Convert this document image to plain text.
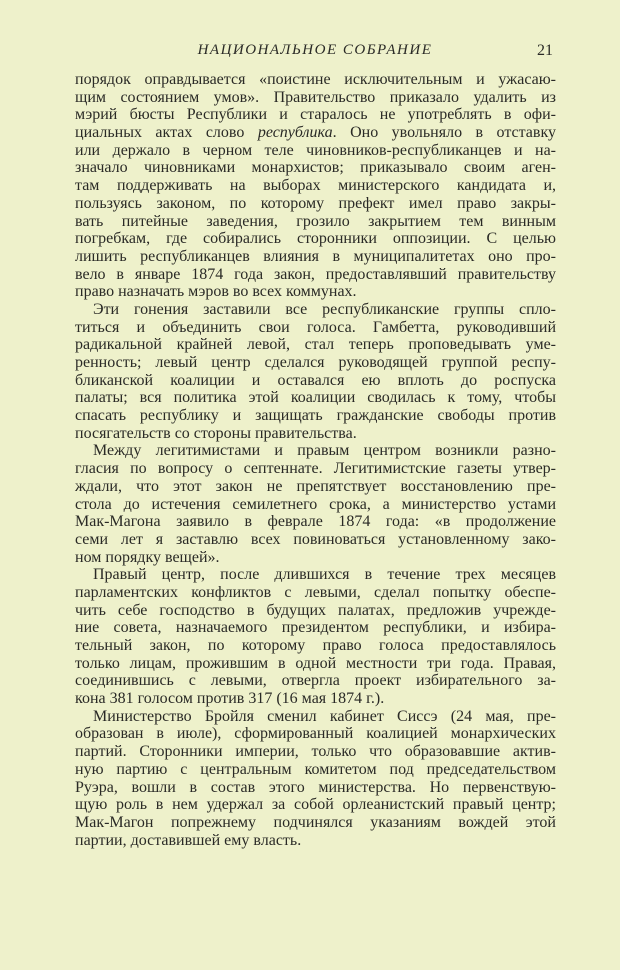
НАЦИОНАЛЬНОЕ СОБРАНИЕ	21
порядок оправдывается «поистине исключительным и ужасаю-
щим состоянием умов». Правительство приказало удалить из
мэрий бюсты Республики и старалось не употреблять в офи-
циальных актах слово республика. Оно увольняло в отставку
или держало в черном теле чиновников-республиканцев и на-
значало чиновниками монархистов; приказывало своим аген-
там поддерживать на выборах министерского кандидата и,
пользуясь законом, по которому префект имел право закры-
вать питейные заведения, грозило закрытием тем винным
погребкам, где собирались сторонники оппозиции. С целью
лишить республиканцев влияния в муниципалитетах оно про-
вело в январе 1874 года закон, предоставлявший правительству
право назначать мэров во всех коммунах.
Эти гонения заставили все республиканские группы спло-
титься и объединить свои голоса. Гамбетта, руководивший
радикальной крайней левой, стал теперь проповедывать уме-
ренность; левый центр сделался руководящей группой респу-
бликанской коалиции и оставался ею вплоть до роспуска
палаты; вся политика этой коалиции сводилась к тому, чтобы
спасать республику и защищать гражданские свободы против
посягательств со стороны правительства.
Между легитимистами и правым центром возникли разно-
гласия по вопросу о септеннате. Легитимистские газеты утвер-
ждали, что этот закон не препятствует восстановлению пре-
стола до истечения семилетнего срока, а министерство устами
Мак-Магона заявило в феврале 1874 года: «в продолжение
семи лет я заставлю всех повиноваться установленному зако-
ном порядку вещей».
Правый центр, после длившихся в течение трех месяцев
парламентских конфликтов с левыми, сделал попытку обеспе-
чить себе господство в будущих палатах, предложив учрежде-
ние совета, назначаемого президентом республики, и избира-
тельный закон, по которому право голоса предоставлялось
только лицам, прожившим в одной местности три года. Правая,
соединившись с левыми, отвергла проект избирательного за-
кона 381 голосом против 317 (16 мая 1874 г.).
Министерство Бройля сменил кабинет Сиссэ (24 мая, пре-
образован в июле), сформированный коалицией монархических
партий. Сторонники империи, только что образовавшие актив-
ную партию с центральным комитетом под председательством
Руэра, вошли в состав этого министерства. Но первенствую-
щую роль в нем удержал за собой орлеанистский правый центр;
Мак-Магон попрежнему подчинялся указаниям вождей этой
партии, доставившей ему власть.
